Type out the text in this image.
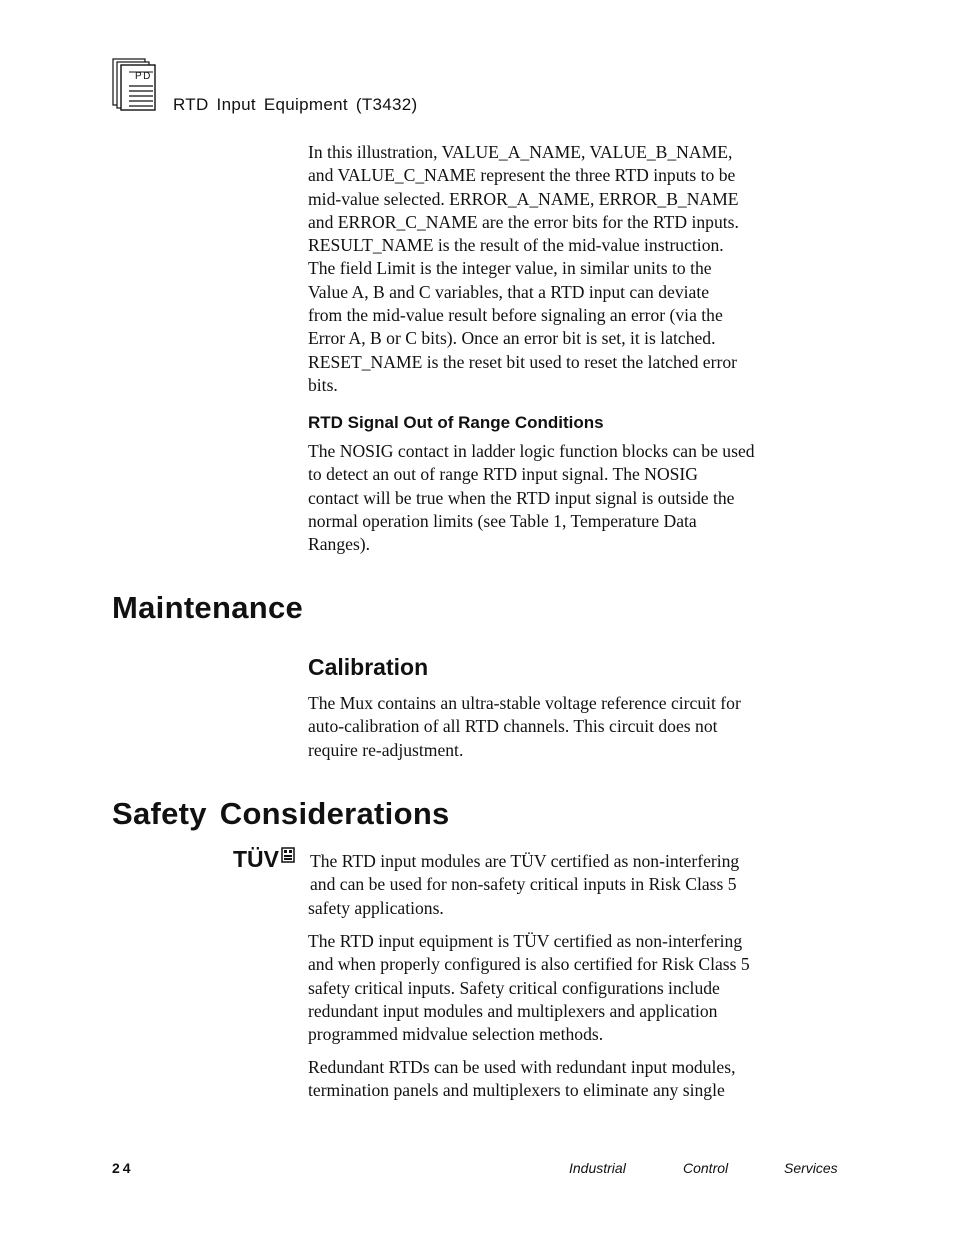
PD
RTD Input Equipment (T3432)

In this illustration, VALUE_A_NAME, VALUE_B_NAME,
and VALUE_C_NAME represent the three RTD inputs to be
mid-value selected. ERROR_A_NAME, ERROR_B_NAME
and ERROR_C_NAME are the error bits for the RTD inputs.
RESULT_NAME is the result of the mid-value instruction.
The field Limit is the integer value, in similar units to the
Value A, B and C variables, that a RTD input can deviate
from the mid-value result before signaling an error (via the
Error A, B or C bits). Once an error bit is set, it is latched.
RESET_NAME is the reset bit used to reset the latched error
bits.

RTD Signal Out of Range Conditions

The NOSIG contact in ladder logic function blocks can be used
to detect an out of range RTD input signal. The NOSIG
contact will be true when the RTD input signal is outside the
normal operation limits (see Table 1, Temperature Data
Ranges).

Maintenance
Calibration

The Mux contains an ultra-stable voltage reference circuit for
auto-calibration of all RTD channels. This circuit does not
require re-adjustment.

Safety Considerations
TÜV The RTD input modules are TÜV certified as non-interfering
and can be used for non-safety critical inputs in Risk Class 5
safety applications.

The RTD input equipment is TÜV certified as non-interfering
and when properly configured is also certified for Risk Class 5
safety critical inputs. Safety critical configurations include
redundant input modules and multiplexers and application
programmed midvalue selection methods.

Redundant RTDs can be used with redundant input modules,
termination panels and multiplexers to eliminate any single

24	Industrial	Control	Services
